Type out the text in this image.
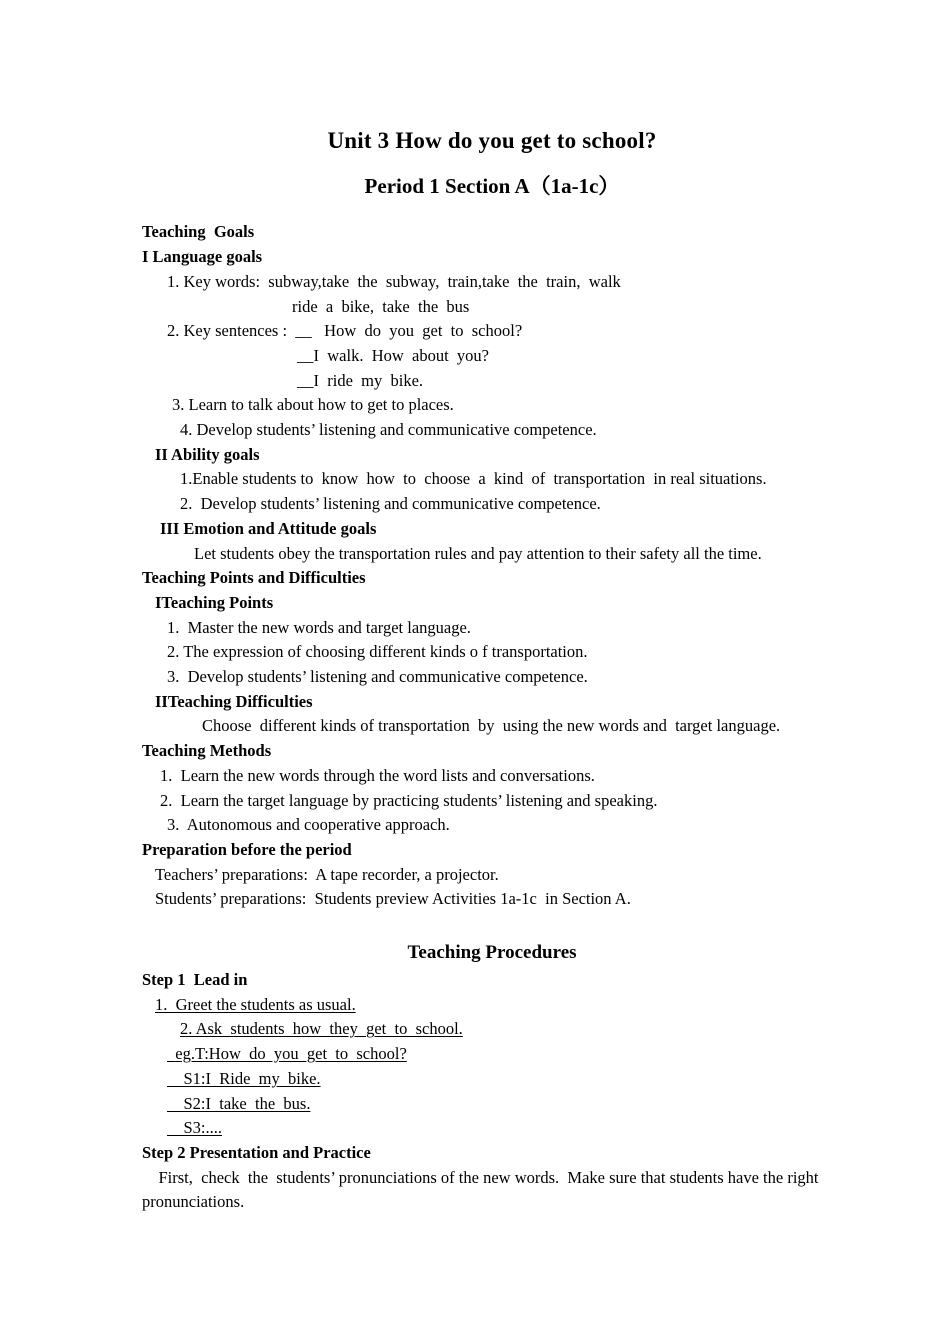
Unit 3 How do you get to school?
Period 1 Section A（1a-1c）
Teaching  Goals
I Language goals
1. Key words:  subway,take  the  subway,  train,take  the  train,  walk
ride  a  bike,  take  the  bus
2. Key sentences :  __   How  do  you  get  to  school?
__I  walk.  How  about  you?
__I  ride  my  bike.
3. Learn to talk about how to get to places.
4. Develop students’ listening and communicative competence.
II Ability goals
1.Enable students to  know  how  to  choose  a  kind  of  transportation  in real situations.
2.  Develop students’ listening and communicative competence.
III Emotion and Attitude goals
Let students obey the transportation rules and pay attention to their safety all the time.
Teaching Points and Difficulties
ITeaching Points
1.  Master the new words and target language.
2. The expression of choosing different kinds o f transportation.
3.  Develop students’ listening and communicative competence.
IITeaching Difficulties
Choose  different kinds of transportation  by  using the new words and  target language.
Teaching Methods
1.  Learn the new words through the word lists and conversations.
2.  Learn the target language by practicing students’ listening and speaking.
3.  Autonomous and cooperative approach.
Preparation before the period
Teachers’ preparations:  A tape recorder, a projector.
Students’ preparations:  Students preview Activities 1a-1c  in Section A.
Teaching Procedures
Step 1  Lead in
1.  Greet the students as usual.
2. Ask  students  how  they  get  to  school.
eg.T:How  do  you  get  to  school?
S1:I  Ride  my  bike.
S2:I  take  the  bus.
S3:....
Step 2 Presentation and Practice
First,  check  the  students’ pronunciations of the new words.  Make sure that students have the right pronunciations.
